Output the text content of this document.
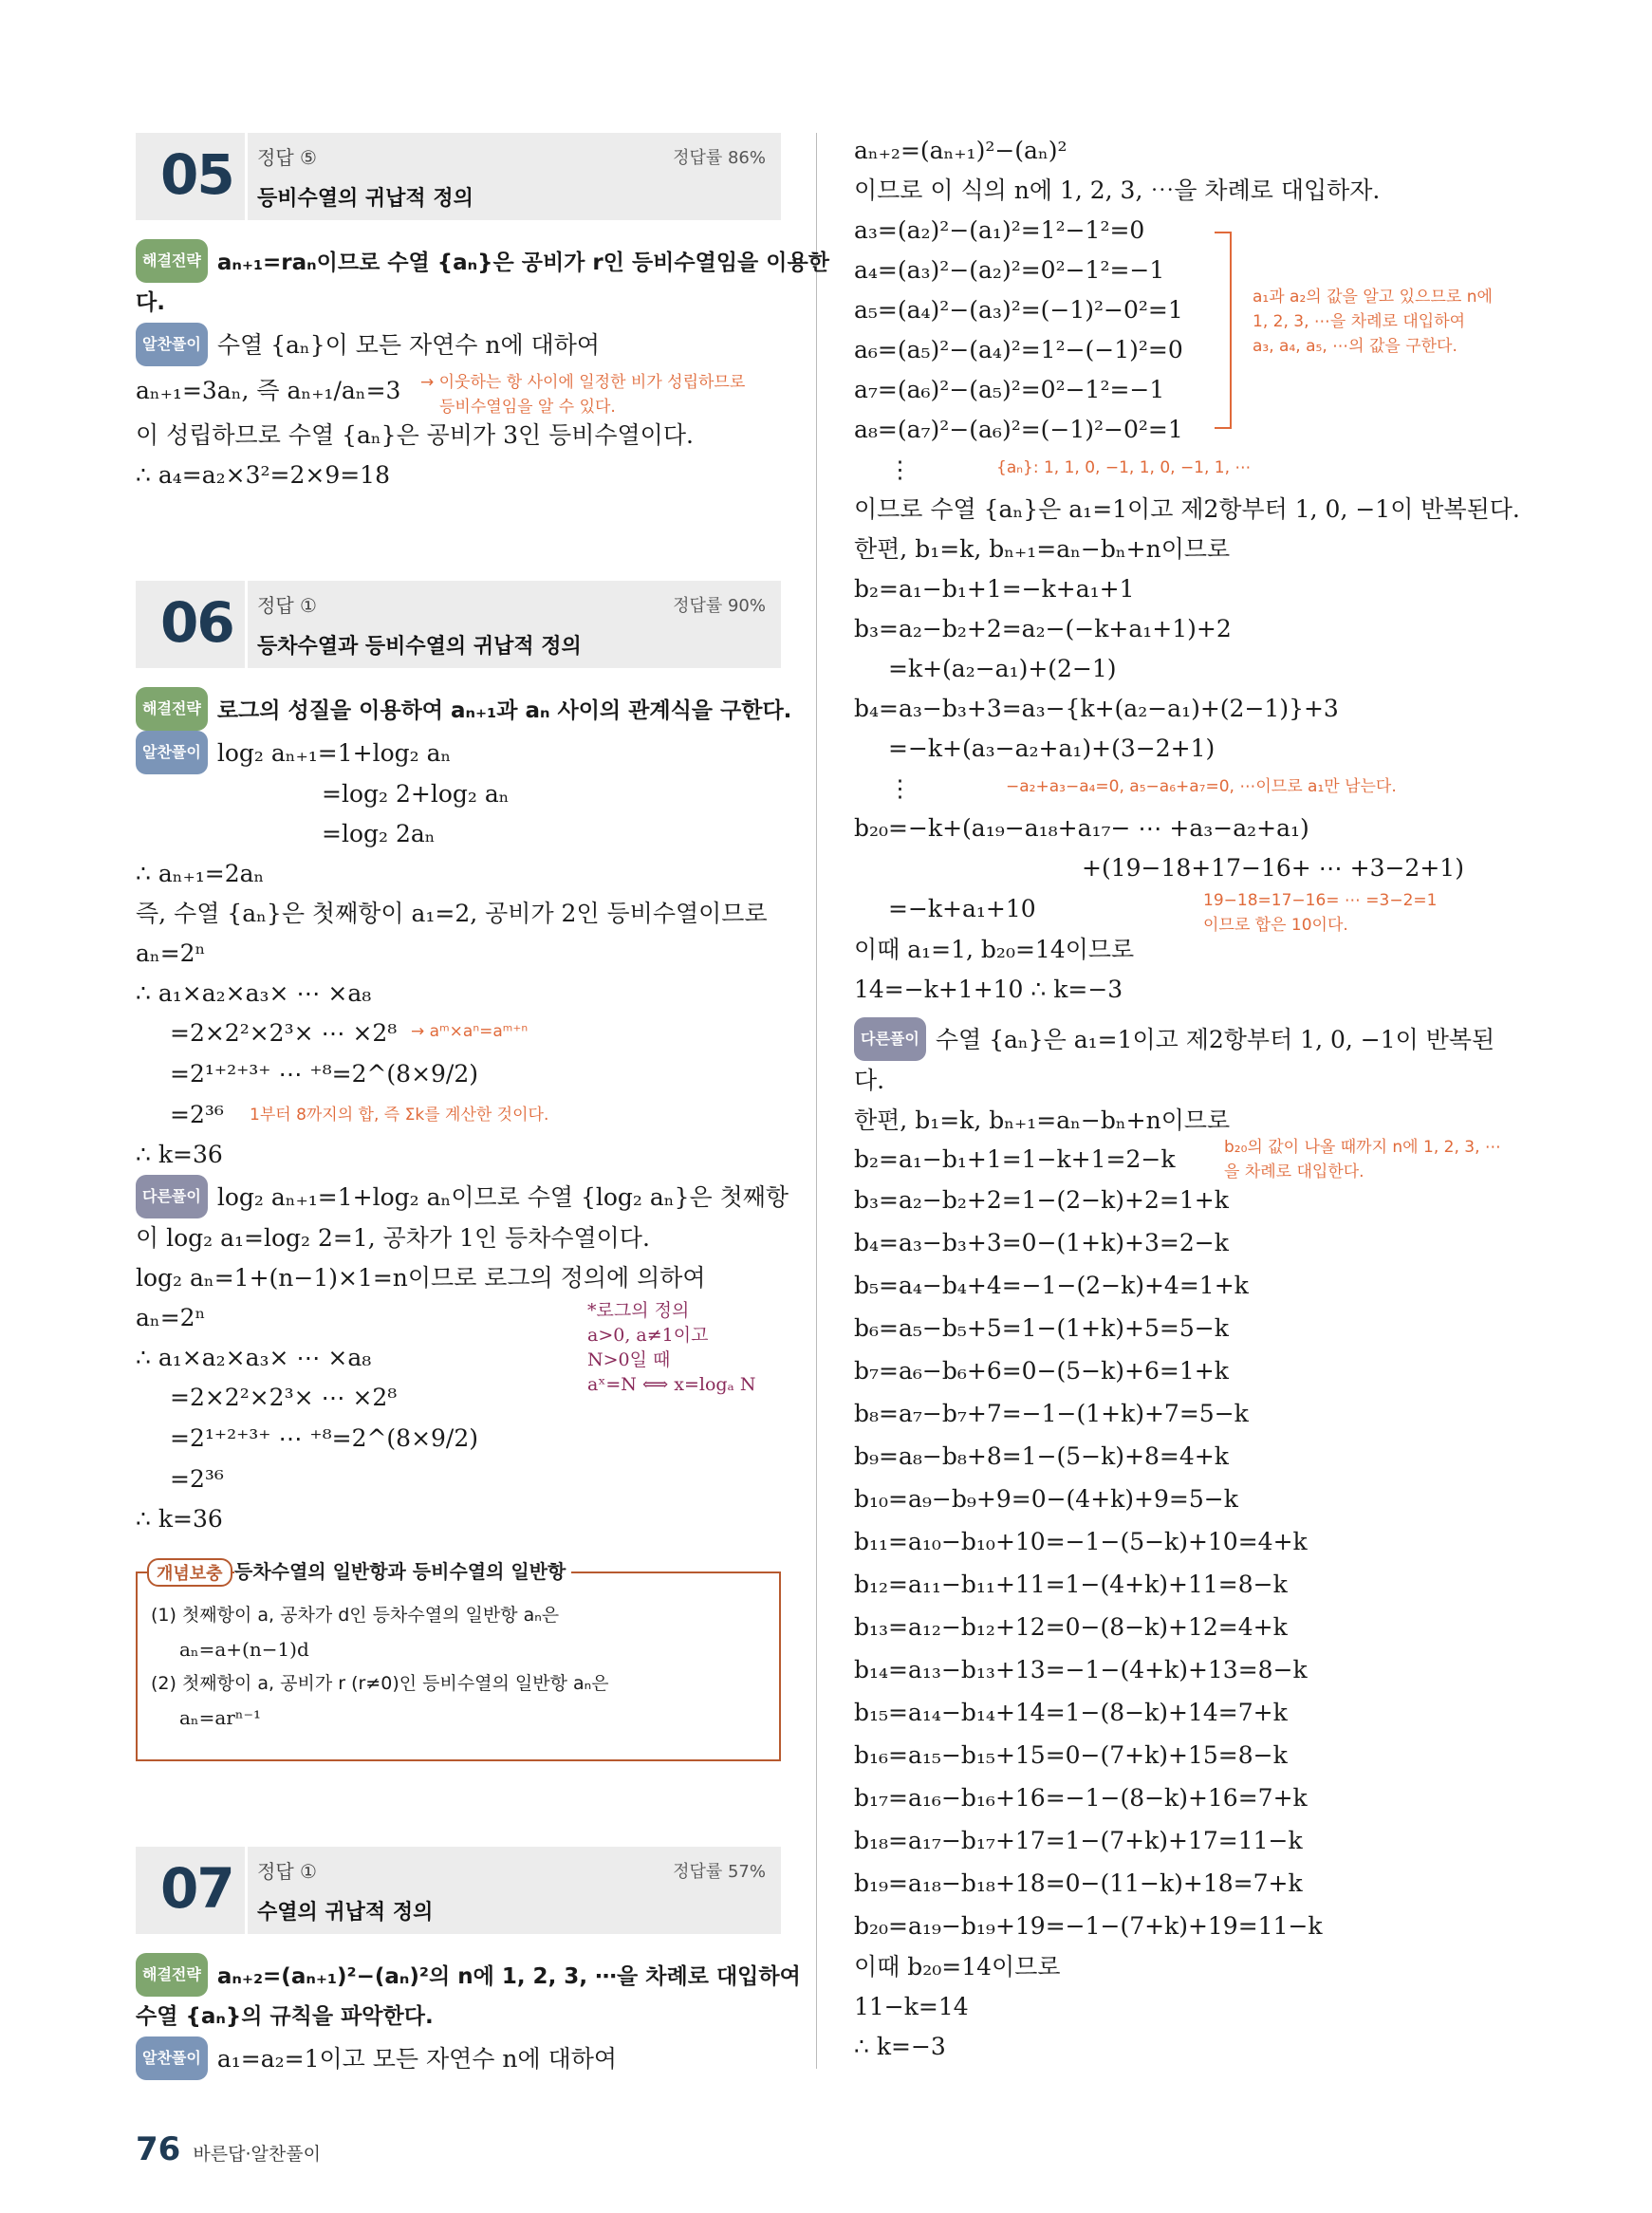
05 정답 ⑤	정답률 86%
등비수열의 귀납적 정의
해결전략 aₙ₊₁=raₙ이므로 수열 {aₙ}은 공비가 r인 등비수열임을 이용한
다.
알찬풀이 수열 {aₙ}이 모든 자연수 n에 대하여
aₙ₊₁=3aₙ, 즉 aₙ₊₁/aₙ=3 → 이웃하는 항 사이에 일정한 비가 성립하므로
등비수열임을 알 수 있다.
이 성립하므로 수열 {aₙ}은 공비가 3인 등비수열이다.
∴ a₄=a₂×3²=2×9=18
06 정답 ①	정답률 90%
등차수열과 등비수열의 귀납적 정의
해결전략 로그의 성질을 이용하여 aₙ₊₁과 aₙ 사이의 관계식을 구한다.
알찬풀이 log₂ aₙ₊₁=1+log₂ aₙ
=log₂ 2+log₂ aₙ
=log₂ 2aₙ
∴ aₙ₊₁=2aₙ
즉, 수열 {aₙ}은 첫째항이 a₁=2, 공비가 2인 등비수열이므로
aₙ=2ⁿ
∴ a₁×a₂×a₃× ⋯ ×a₈
=2×2²×2³× ⋯ ×2⁸ → aᵐ×aⁿ=aᵐ⁺ⁿ
=2¹⁺²⁺³⁺ ⋯ ⁺⁸=2^(8×9/2)
=2³⁶ 1부터 8까지의 합, 즉 Σk를 계산한 것이다.
∴ k=36
다른풀이 log₂ aₙ₊₁=1+log₂ aₙ이므로 수열 {log₂ aₙ}은 첫째항
이 log₂ a₁=log₂ 2=1, 공차가 1인 등차수열이다.
log₂ aₙ=1+(n−1)×1=n이므로 로그의 정의에 의하여
aₙ=2ⁿ	*로그의 정의
a>0, a≠1이고
N>0일 때
aˣ=N ⟺ x=logₐ N
∴ a₁×a₂×a₃× ⋯ ×a₈
=2×2²×2³× ⋯ ×2⁸
=2¹⁺²⁺³⁺ ⋯ ⁺⁸=2^(8×9/2)
=2³⁶
∴ k=36
개념보충 등차수열의 일반항과 등비수열의 일반항
(1) 첫째항이 a, 공차가 d인 등차수열의 일반항 aₙ은
aₙ=a+(n−1)d
(2) 첫째항이 a, 공비가 r (r≠0)인 등비수열의 일반항 aₙ은
aₙ=arⁿ⁻¹
07 정답 ①	정답률 57%
수열의 귀납적 정의
해결전략 aₙ₊₂=(aₙ₊₁)²−(aₙ)²의 n에 1, 2, 3, ⋯을 차례로 대입하여
수열 {aₙ}의 규칙을 파악한다.
알찬풀이 a₁=a₂=1이고 모든 자연수 n에 대하여
aₙ₊₂=(aₙ₊₁)²−(aₙ)²
이므로 이 식의 n에 1, 2, 3, ⋯을 차례로 대입하자.
a₃=(a₂)²−(a₁)²=1²−1²=0
a₄=(a₃)²−(a₂)²=0²−1²=−1
a₅=(a₄)²−(a₃)²=(−1)²−0²=1
a₆=(a₅)²−(a₄)²=1²−(−1)²=0
a₇=(a₆)²−(a₅)²=0²−1²=−1
a₈=(a₇)²−(a₆)²=(−1)²−0²=1
a₁과 a₂의 값을 알고 있으므로 n에
1, 2, 3, ⋯을 차례로 대입하여
a₃, a₄, a₅, ⋯의 값을 구한다.
⋮	{aₙ}: 1, 1, 0, −1, 1, 0, −1, 1, ⋯
이므로 수열 {aₙ}은 a₁=1이고 제2항부터 1, 0, −1이 반복된다.
한편, b₁=k, bₙ₊₁=aₙ−bₙ+n이므로
b₂=a₁−b₁+1=−k+a₁+1
b₃=a₂−b₂+2=a₂−(−k+a₁+1)+2
=k+(a₂−a₁)+(2−1)
b₄=a₃−b₃+3=a₃−{k+(a₂−a₁)+(2−1)}+3
=−k+(a₃−a₂+a₁)+(3−2+1)
⋮	−a₂+a₃−a₄=0, a₅−a₆+a₇=0, ⋯이므로 a₁만 남는다.
b₂₀=−k+(a₁₉−a₁₈+a₁₇− ⋯ +a₃−a₂+a₁)
+(19−18+17−16+ ⋯ +3−2+1)
=−k+a₁+10	19−18=17−16= ⋯ =3−2=1
이므로 합은 10이다.
이때 a₁=1, b₂₀=14이므로
14=−k+1+10 ∴ k=−3
다른풀이 수열 {aₙ}은 a₁=1이고 제2항부터 1, 0, −1이 반복된
다.
한편, b₁=k, bₙ₊₁=aₙ−bₙ+n이므로
b₂=a₁−b₁+1=1−k+1=2−k	b₂₀의 값이 나올 때까지 n에 1, 2, 3, ⋯
을 차례로 대입한다.
b₃=a₂−b₂+2=1−(2−k)+2=1+k
b₄=a₃−b₃+3=0−(1+k)+3=2−k
b₅=a₄−b₄+4=−1−(2−k)+4=1+k
b₆=a₅−b₅+5=1−(1+k)+5=5−k
b₇=a₆−b₆+6=0−(5−k)+6=1+k
b₈=a₇−b₇+7=−1−(1+k)+7=5−k
b₉=a₈−b₈+8=1−(5−k)+8=4+k
b₁₀=a₉−b₉+9=0−(4+k)+9=5−k
b₁₁=a₁₀−b₁₀+10=−1−(5−k)+10=4+k
b₁₂=a₁₁−b₁₁+11=1−(4+k)+11=8−k
b₁₃=a₁₂−b₁₂+12=0−(8−k)+12=4+k
b₁₄=a₁₃−b₁₃+13=−1−(4+k)+13=8−k
b₁₅=a₁₄−b₁₄+14=1−(8−k)+14=7+k
b₁₆=a₁₅−b₁₅+15=0−(7+k)+15=8−k
b₁₇=a₁₆−b₁₆+16=−1−(8−k)+16=7+k
b₁₈=a₁₇−b₁₇+17=1−(7+k)+17=11−k
b₁₉=a₁₈−b₁₈+18=0−(11−k)+18=7+k
b₂₀=a₁₉−b₁₉+19=−1−(7+k)+19=11−k
이때 b₂₀=14이므로
11−k=14
∴ k=−3
76 바른답·알찬풀이
